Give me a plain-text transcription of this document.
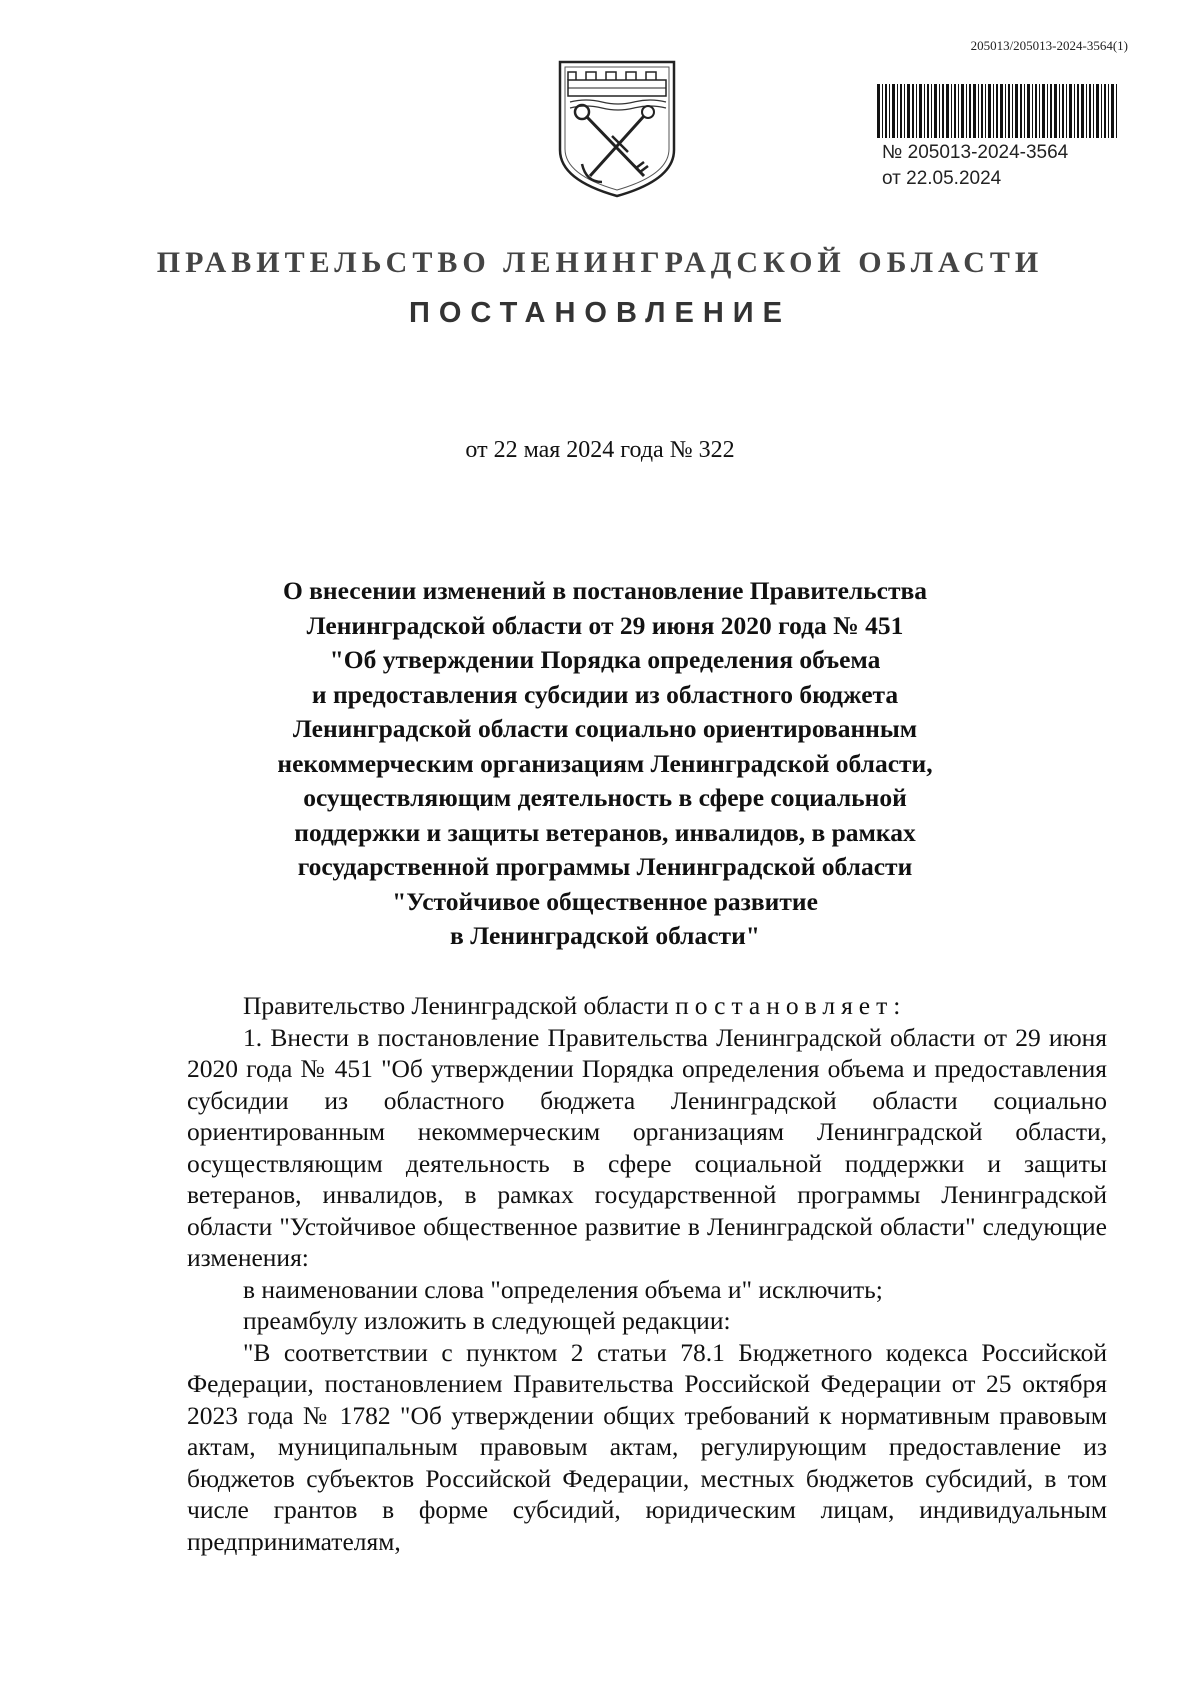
205013/205013-2024-3564(1)
№ 205013-2024-3564
от 22.05.2024
ПРАВИТЕЛЬСТВО ЛЕНИНГРАДСКОЙ ОБЛАСТИ
ПОСТАНОВЛЕНИЕ
от 22 мая 2024 года № 322
О внесении изменений в постановление Правительства
Ленинградской области от 29 июня 2020 года № 451
"Об утверждении Порядка определения объема
и предоставления субсидии из областного бюджета
Ленинградской области социально ориентированным
некоммерческим организациям Ленинградской области,
осуществляющим деятельность в сфере социальной
поддержки и защиты ветеранов, инвалидов, в рамках
государственной программы Ленинградской области
"Устойчивое общественное развитие
в Ленинградской области"

Правительство Ленинградской области постановляет:

1. Внести в постановление Правительства Ленинградской области от 29 июня 2020 года № 451 "Об утверждении Порядка определения объема и предоставления субсидии из областного бюджета Ленинградской области социально ориентированным некоммерческим организациям Ленинградской области, осуществляющим деятельность в сфере социальной поддержки и защиты ветеранов, инвалидов, в рамках государственной программы Ленинградской области "Устойчивое общественное развитие в Ленинградской области" следующие изменения:

в наименовании слова "определения объема и" исключить;

преамбулу изложить в следующей редакции:

"В соответствии с пунктом 2 статьи 78.1 Бюджетного кодекса Российской Федерации, постановлением Правительства Российской Федерации от 25 октября 2023 года № 1782 "Об утверждении общих требований к нормативным правовым актам, муниципальным правовым актам, регулирующим предоставление из бюджетов субъектов Российской Федерации, местных бюджетов субсидий, в том числе грантов в форме субсидий, юридическим лицам, индивидуальным предпринимателям,
